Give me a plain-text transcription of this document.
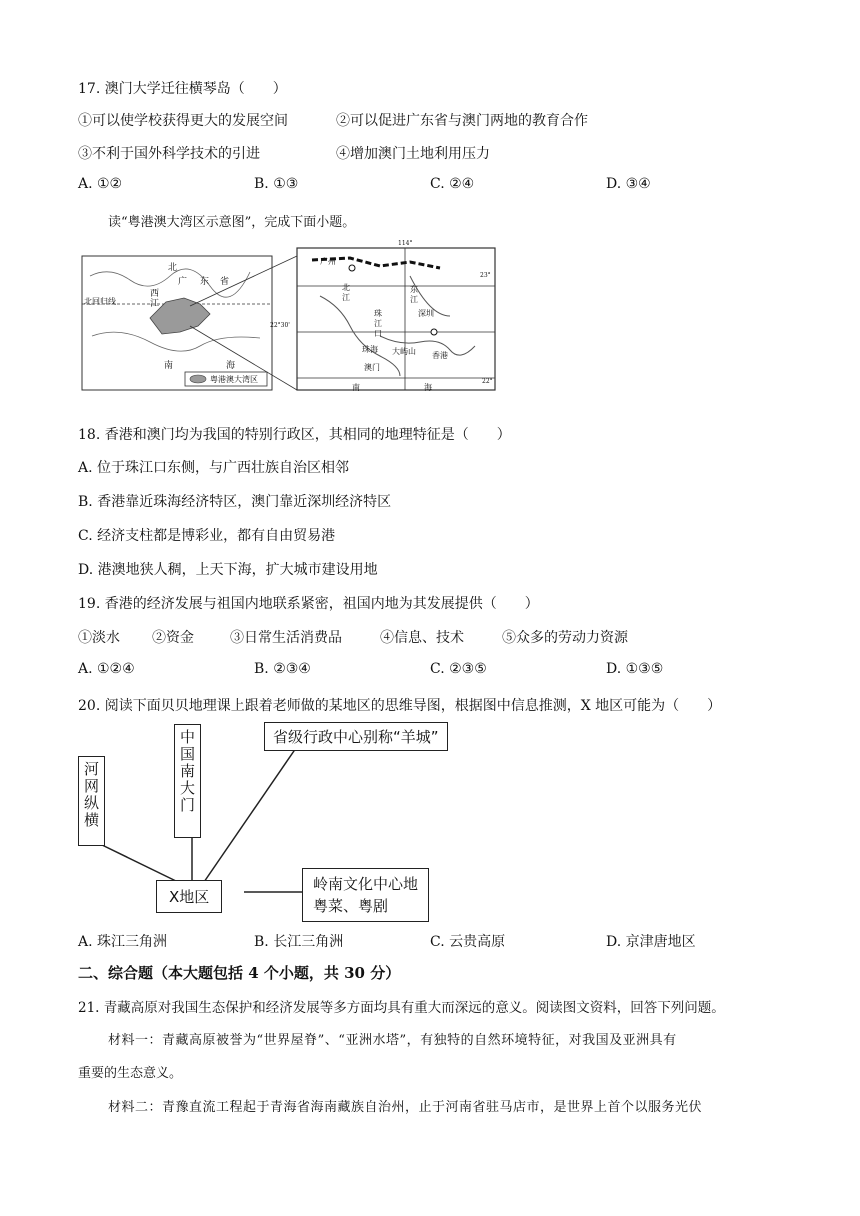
17. 澳门大学迁往横琴岛（　　）
①可以使学校获得更大的发展空间	②可以促进广东省与澳门两地的教育合作
③不利于国外科学技术的引进	④增加澳门土地利用压力
A. ①②	B. ①③	C. ②④	D. ③④
读“粤港澳大湾区示意图”，完成下面小题。
北
广 东 省
西
江
北回归线
南	海
粤港澳大湾区
广州
北
江
东
江
珠
江
口
深圳
珠海 大屿山 香港
澳门
南	海
114°
23°
22°30'
22°
18. 香港和澳门均为我国的特别行政区，其相同的地理特征是（　　）
A. 位于珠江口东侧，与广西壮族自治区相邻
B. 香港靠近珠海经济特区，澳门靠近深圳经济特区
C. 经济支柱都是博彩业，都有自由贸易港
D. 港澳地狭人稠，上天下海，扩大城市建设用地
19. 香港的经济发展与祖国内地联系紧密，祖国内地为其发展提供（　　）
①淡水 ②资金	③日常生活消费品	④信息、技术	⑤众多的劳动力资源
A. ①②④	B. ②③④	C. ②③⑤	D. ①③⑤
20. 阅读下面贝贝地理课上跟着老师做的某地区的思维导图，根据图中信息推测，X 地区可能为（　　）
河网纵横	中国南大门	省级行政中心别称“羊城”
X地区
岭南文化中心地
粤菜、粤剧
A. 珠江三角洲	B. 长江三角洲	C. 云贵高原	D. 京津唐地区
二、综合题（本大题包括 4 个小题，共 30 分）
21. 青藏高原对我国生态保护和经济发展等多方面均具有重大而深远的意义。阅读图文资料，回答下列问题。
材料一：青藏高原被誉为“世界屋脊”、“亚洲水塔”，有独特的自然环境特征，对我国及亚洲具有
重要的生态意义。
材料二：青豫直流工程起于青海省海南藏族自治州，止于河南省驻马店市，是世界上首个以服务光伏
